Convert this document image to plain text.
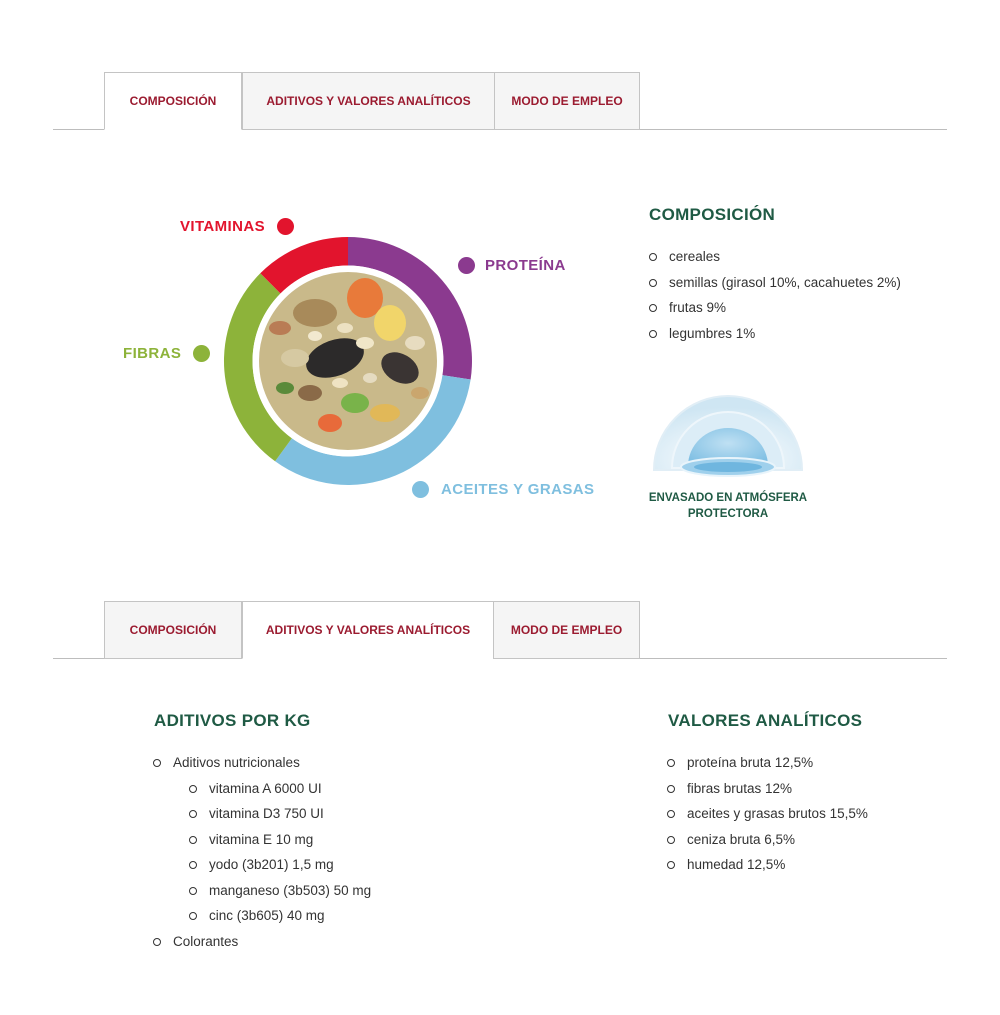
COMPOSICIÓN	ADITIVOS Y VALORES ANALÍTICOS	MODO DE EMPLEO
VITAMINAS
PROTEÍNA
FIBRAS
ACEITES Y GRASAS
COMPOSICIÓN
cereales
semillas (girasol 10%, cacahuetes 2%)
frutas 9%
legumbres 1%
ENVASADO EN ATMÓSFERA
PROTECTORA
COMPOSICIÓN	ADITIVOS Y VALORES ANALÍTICOS	MODO DE EMPLEO
ADITIVOS POR KG
Aditivos nutricionales
vitamina A 6000 UI
vitamina D3 750 UI
vitamina E 10 mg
yodo (3b201) 1,5 mg
manganeso (3b503) 50 mg
cinc (3b605) 40 mg
Colorantes
VALORES ANALÍTICOS
proteína bruta 12,5%
fibras brutas 12%
aceites y grasas brutos 15,5%
ceniza bruta 6,5%
humedad 12,5%
